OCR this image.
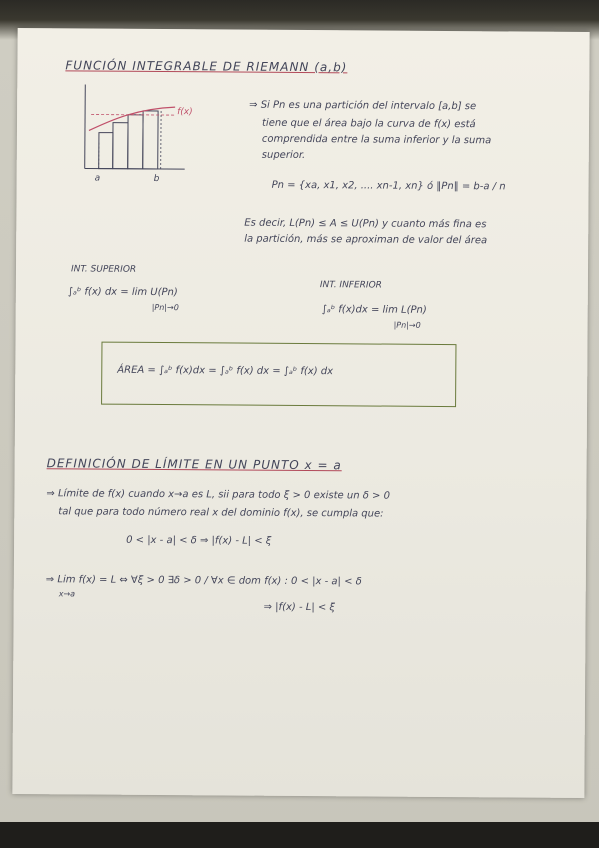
FUNCIÓN INTEGRABLE DE RIEMANN (a,b)
f(x)
a	b
⇒ Si Pn es una partición del intervalo [a,b] se
tiene que el área bajo la curva de f(x) está
comprendida entre la suma inferior y la suma
superior.
Pn = {xa, x1, x2, .... xn-1, xn} ó ‖Pn‖ = b-a / n
Es decir, L(Pn) ≤ A ≤ U(Pn) y cuanto más fina es
la partición, más se aproximan de valor del área
INT. SUPERIOR
∫ₐᵇ f(x) dx = lim U(Pn)
|Pn|→0
INT. INFERIOR
∫ₐᵇ f(x)dx = lim L(Pn)
|Pn|→0
ÁREA = ∫ₐᵇ f(x)dx = ∫ₐᵇ f(x) dx = ∫ₐᵇ f(x) dx
DEFINICIÓN DE LÍMITE EN UN PUNTO x = a
⇒ Límite de f(x) cuando x→a es L, sii para todo ξ > 0 existe un δ > 0
tal que para todo número real x del dominio f(x), se cumpla que:
0 < |x - a| < δ ⇒ |f(x) - L| < ξ
⇒ Lim f(x) = L ⇔ ∀ξ > 0 ∃δ > 0 / ∀x ∈ dom f(x) : 0 < |x - a| < δ
x→a
⇒ |f(x) - L| < ξ
